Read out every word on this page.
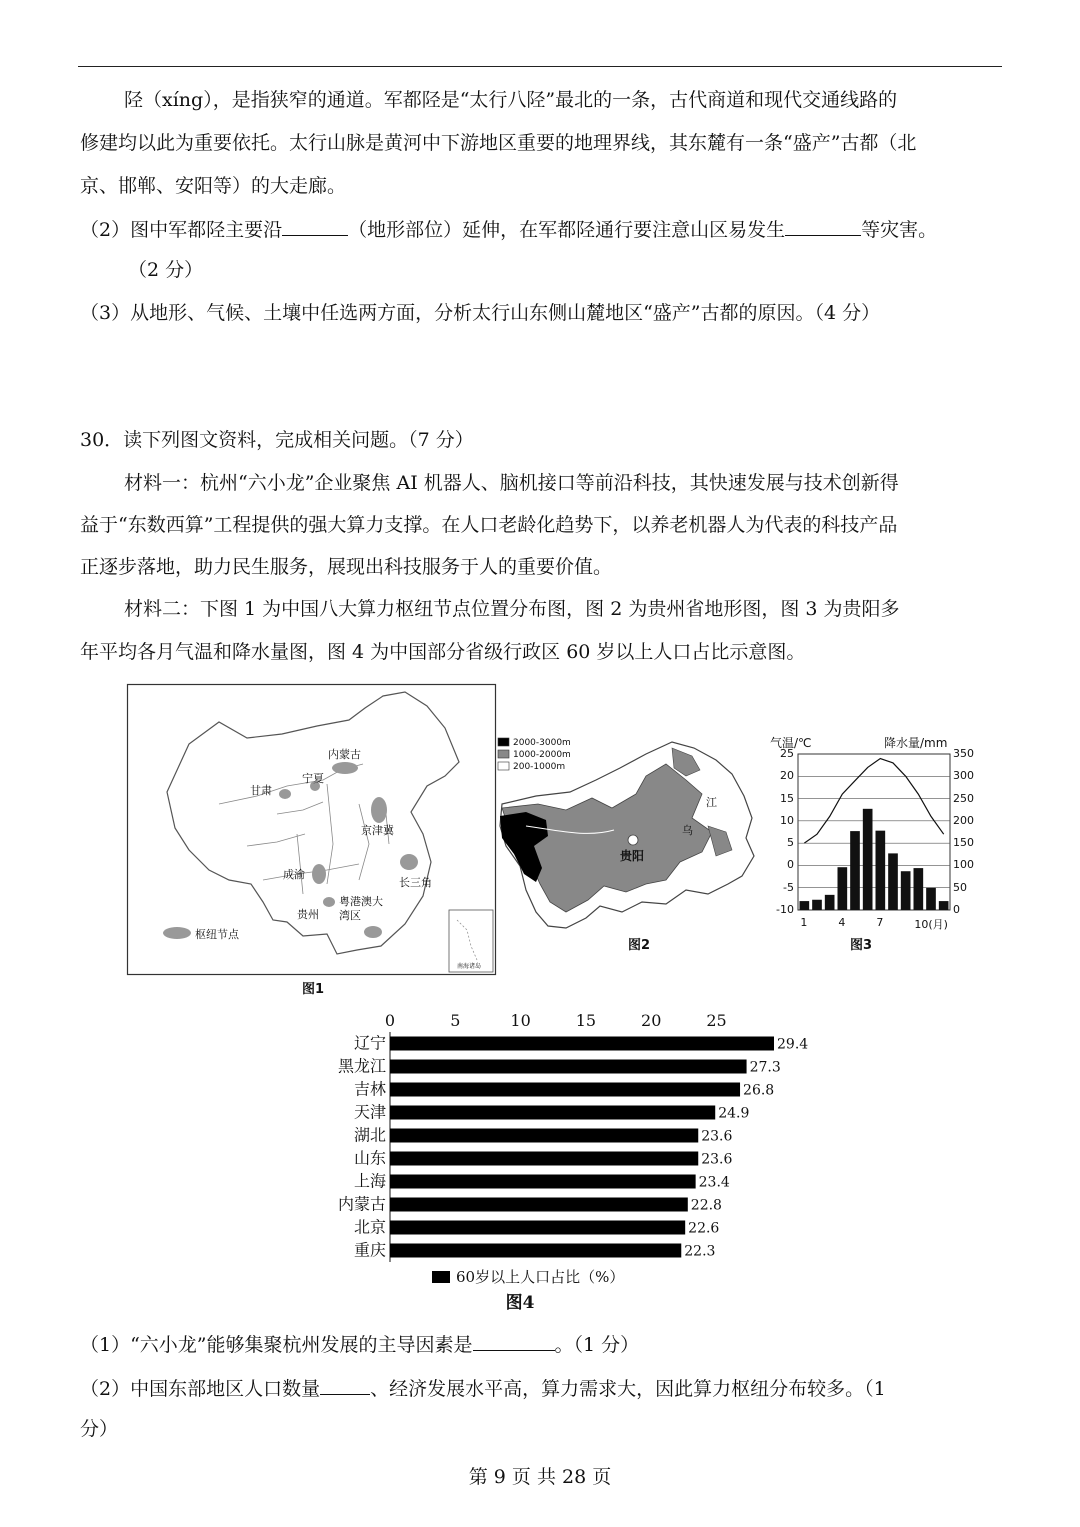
陉（xíng），是指狭窄的通道。军都陉是“太行八陉”最北的一条，古代商道和现代交通线路的
修建均以此为重要依托。太行山脉是黄河中下游地区重要的地理界线，其东麓有一条“盛产”古都（北
京、邯郸、安阳等）的大走廊。
（2）图中军都陉主要沿	（地形部位）延伸，在军都陉通行要注意山区易发生	等灾害。
（2 分）
（3）从地形、气候、土壤中任选两方面，分析太行山东侧山麓地区“盛产”古都的原因。（4 分）
30．读下列图文资料，完成相关问题。（7 分）
材料一：杭州“六小龙”企业聚焦 AI 机器人、脑机接口等前沿科技，其快速发展与技术创新得
益于“东数西算”工程提供的强大算力支撑。在人口老龄化趋势下，以养老机器人为代表的科技产品
正逐步落地，助力民生服务，展现出科技服务于人的重要价值。
材料二：下图 1 为中国八大算力枢纽节点位置分布图，图 2 为贵州省地形图，图 3 为贵阳多
年平均各月气温和降水量图，图 4 为中国部分省级行政区 60 岁以上人口占比示意图。
内蒙古
甘肃
宁夏
京津冀
长三角
成渝
贵州
粤港澳大湾区
枢纽节点
南海诸岛
图1
2000-3000m
1000-2000m
200-1000m
贵阳
江
乌
图2
气温/℃	降水量/mm
25
20
15
10
5
0
-5
-10
350
300
250
200
150
100
50
0
1	4	7	10(月)
图3
0	5	10	15	20	25
辽宁	29.4
黑龙江	27.3
吉林	26.8
天津	24.9
湖北	23.6
山东	23.6
上海	23.4
内蒙古	22.8
北京	22.6
重庆	22.3
60岁以上人口占比（%）
图4
（1）“六小龙”能够集聚杭州发展的主导因素是	。（1 分）
（2）中国东部地区人口数量	、经济发展水平高，算力需求大，因此算力枢纽分布较多。（1
分）
第 9 页 共 28 页
